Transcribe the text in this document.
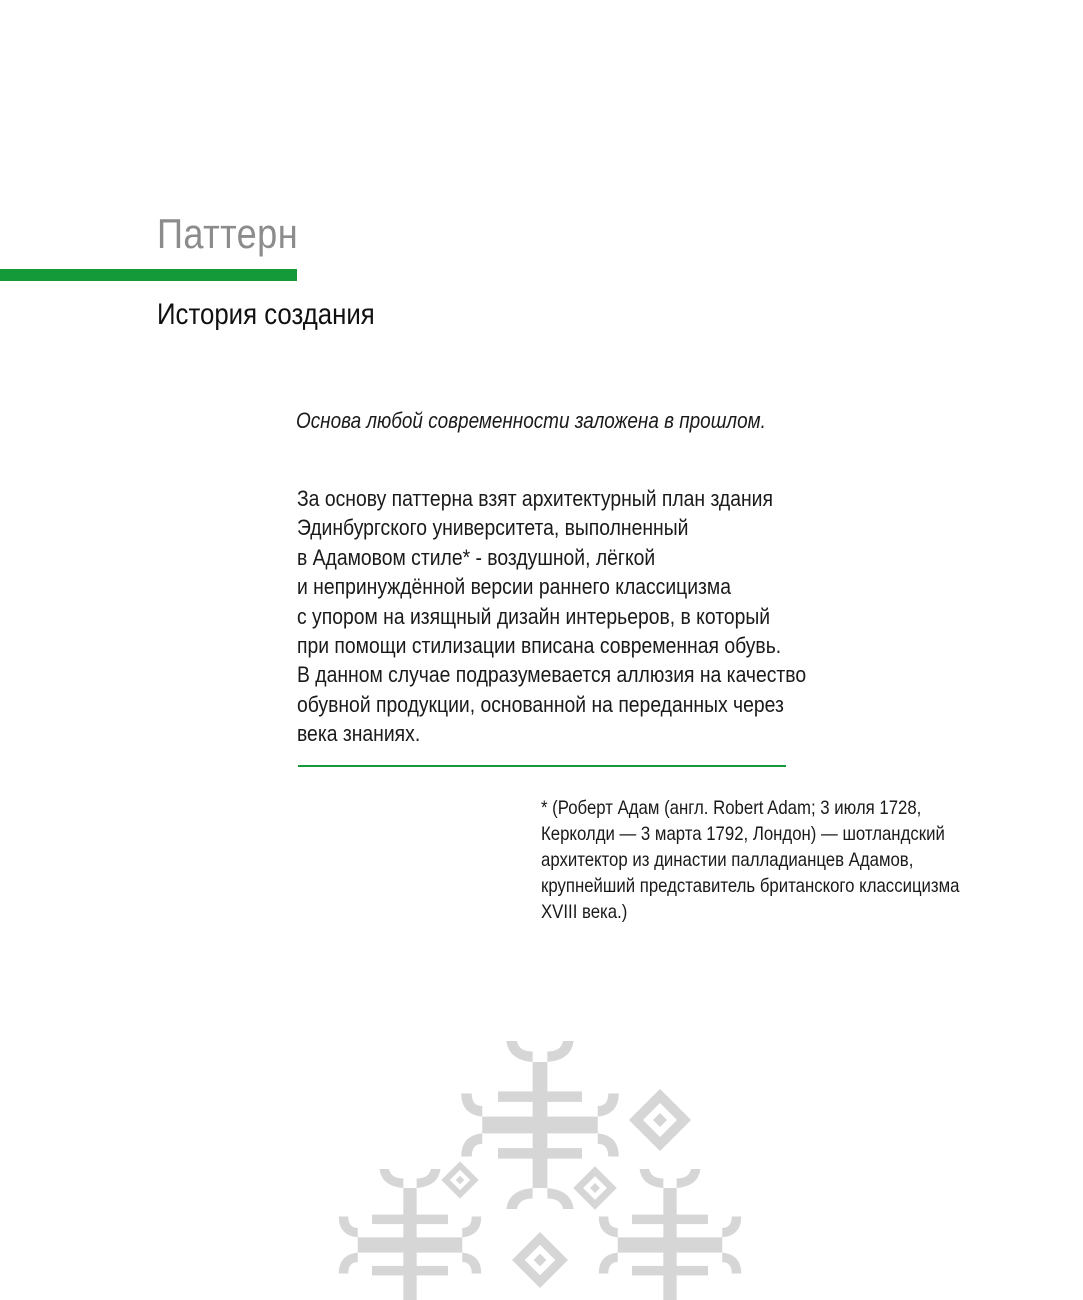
Паттерн
История создания
Основа любой современности заложена в прошлом.
За основу паттерна взят архитектурный план здания
Эдинбургского университета, выполненный
в Адамовом стиле* - воздушной, лёгкой
и непринуждённой версии раннего классицизма
с упором на изящный дизайн интерьеров, в который
при помощи стилизации вписана современная обувь.
В данном случае подразумевается аллюзия на качество
обувной продукции, основанной на переданных через
века знаниях.
* (Роберт Адам (англ. Robert Adam; 3 июля 1728,
Керколди — 3 марта 1792, Лондон) — шотландский
архитектор из династии палладианцев Адамов,
крупнейший представитель британского классицизма
XVIII века.)
